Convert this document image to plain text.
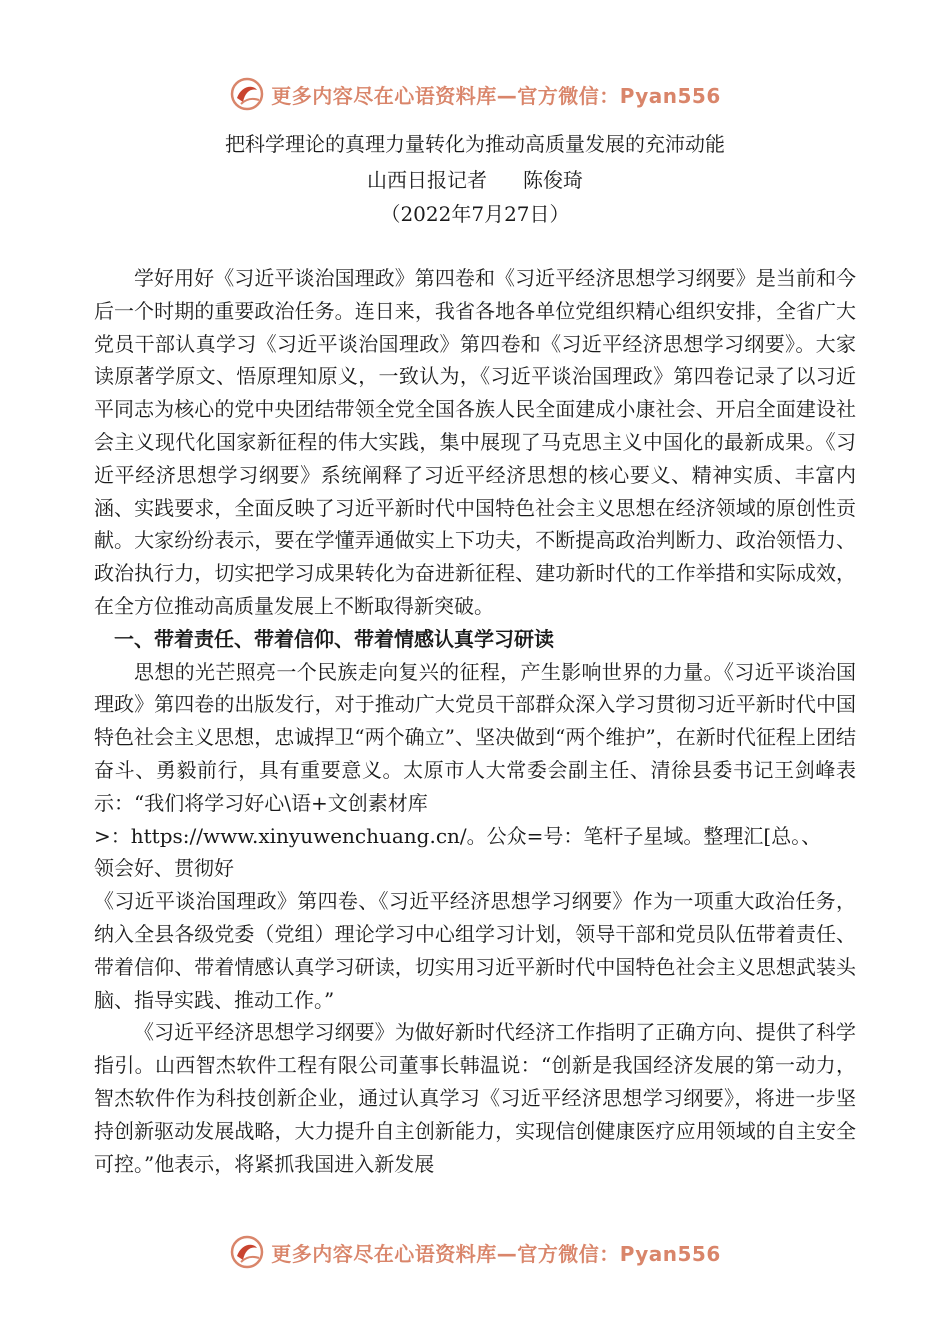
更多内容尽在心语资料库—官方微信：Pyan556
把科学理论的真理力量转化为推动高质量发展的充沛动能
山西日报记者 陈俊琦
（2022年7月27日）

学好用好《习近平谈治国理政》第四卷和《习近平经济思想学习纲要》是当前和今后一个时期的重要政治任务。连日来，我省各地各单位党组织精心组织安排，全省广大党员干部认真学习《习近平谈治国理政》第四卷和《习近平经济思想学习纲要》。大家读原著学原文、悟原理知原义，一致认为，《习近平谈治国理政》第四卷记录了以习近平同志为核心的党中央团结带领全党全国各族人民全面建成小康社会、开启全面建设社会主义现代化国家新征程的伟大实践，集中展现了马克思主义中国化的最新成果。《习近平经济思想学习纲要》系统阐释了习近平经济思想的核心要义、精神实质、丰富内涵、实践要求，全面反映了习近平新时代中国特色社会主义思想在经济领域的原创性贡献。大家纷纷表示，要在学懂弄通做实上下功夫，不断提高政治判断力、政治领悟力、政治执行力，切实把学习成果转化为奋进新征程、建功新时代的工作举措和实际成效，在全方位推动高质量发展上不断取得新突破。

一、带着责任、带着信仰、带着情感认真学习研读

思想的光芒照亮一个民族走向复兴的征程，产生影响世界的力量。《习近平谈治国理政》第四卷的出版发行，对于推动广大党员干部群众深入学习贯彻习近平新时代中国特色社会主义思想，忠诚捍卫“两个确立”、坚决做到“两个维护”，在新时代征程上团结奋斗、勇毅前行，具有重要意义。太原市人大常委会副主任、清徐县委书记王剑峰表示：“我们将学习好心\语+文创素材库

>：https://www.xinyuwenchuang.cn/。公众=号：笔杆子星域。整理汇[总。、

领会好、贯彻好

《习近平谈治国理政》第四卷、《习近平经济思想学习纲要》作为一项重大政治任务，纳入全县各级党委（党组）理论学习中心组学习计划，领导干部和党员队伍带着责任、带着信仰、带着情感认真学习研读，切实用习近平新时代中国特色社会主义思想武装头脑、指导实践、推动工作。”

《习近平经济思想学习纲要》为做好新时代经济工作指明了正确方向、提供了科学指引。山西智杰软件工程有限公司董事长韩温说：“创新是我国经济发展的第一动力，智杰软件作为科技创新企业，通过认真学习《习近平经济思想学习纲要》，将进一步坚持创新驱动发展战略，大力提升自主创新能力，实现信创健康医疗应用领域的自主安全可控。”他表示，将紧抓我国进入新发展

更多内容尽在心语资料库—官方微信：Pyan556
